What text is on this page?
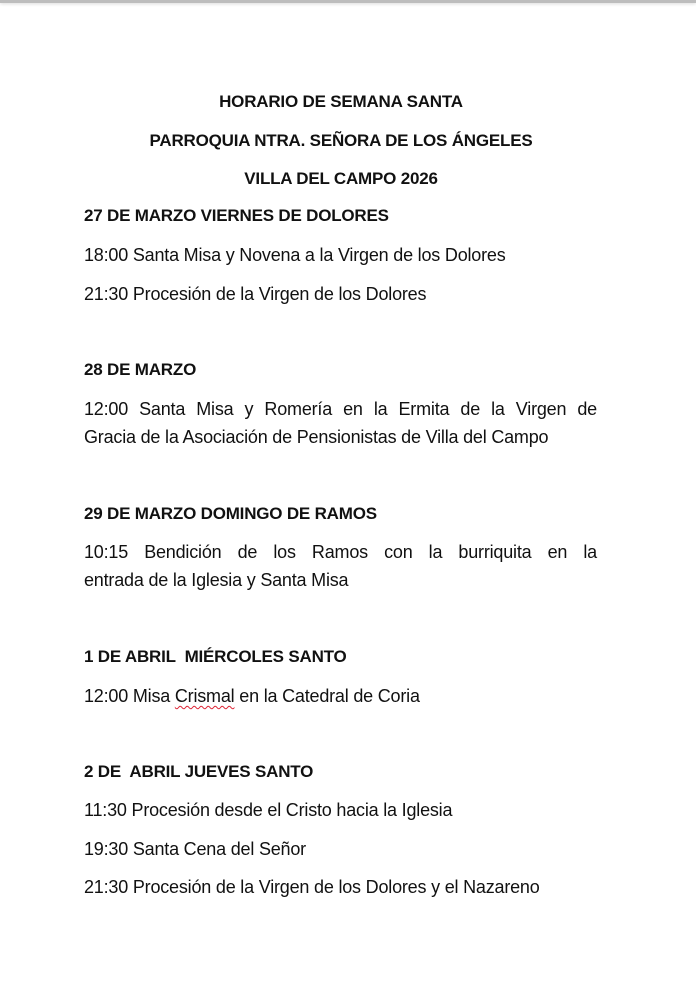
HORARIO DE SEMANA SANTA
PARROQUIA NTRA. SEÑORA DE LOS ÁNGELES
VILLA DEL CAMPO 2026
27 DE MARZO VIERNES DE DOLORES
18:00 Santa Misa y Novena a la Virgen de los Dolores
21:30 Procesión de la Virgen de los Dolores
28 DE MARZO
12:00 Santa Misa y Romería en la Ermita de la Virgen de
Gracia de la Asociación de Pensionistas de Villa del Campo
29 DE MARZO DOMINGO DE RAMOS
10:15 Bendición de los Ramos con la burriquita en la
entrada de la Iglesia y Santa Misa
1 DE ABRIL  MIÉRCOLES SANTO
12:00 Misa Crismal en la Catedral de Coria
2 DE  ABRIL JUEVES SANTO
11:30 Procesión desde el Cristo hacia la Iglesia
19:30 Santa Cena del Señor
21:30 Procesión de la Virgen de los Dolores y el Nazareno
